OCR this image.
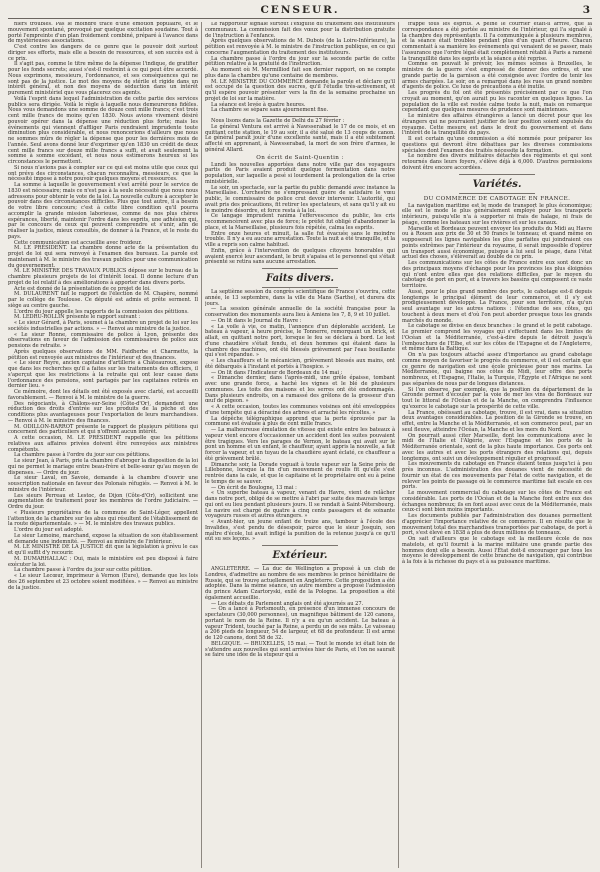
CENSEUR.	3

niers troubles. Pas le moindre trace d'une émotion populaire, et le mouvement spontané, provoqué par quelque excitation soudaine. Tout à porté l'empreinte d'un plan froidement combiné, préparé à l'avance dans de mystérieuses associations.

C'est contre les dangers de ce genre que le pouvoir doit surtout diriger ses efforts, mais elle a besoin de ressources, et son succès est à ce prix.

Il s'agit pas, comme le titre même de la dépense l'indique, de gratifier pour les fonds secrets; aussi s'est-il restreint à ce qui peut être accordé. Nous exprimons, messieurs, l'ordonnance, et ses conséquences qui ne sont pas de la justice. Le mot des moyens de stérile et rigide dans un intérêt général, et non des moyens de séduction dans un intérêt purement ministériel que vous placerez ces agents.

Voilà l'esprit dans lequel l'administration de cette partie des services publics sera dirigée. Voilà le règle à laquelle nous demeurerons fidèles. Nous vous demandons une somme de douze cent mille francs; c'est trois cent mille francs de moins qu'en 1830. Nous avions vivement désiré pouvoir opérer dans la dépense une réduction plus forte; mais les événements qui viennent d'affliger Paris rendraient imprudente toute diminution plus considérable, et nous renoncerions d'ailleurs que nous ne sommes mûrs de régler la dépense que pour les dernières mois de l'année. Seul avons donné leur d'exprimer qu'en 1830 un crédit de deux cent mille francs sur douze mille francs a suffi, et avait seulement la somme à somme excédant, et nous nous estimerons heureux si les circonstances le permettent.

Si nous n'avions pas à compter sur ce qui est moins utile que ceux qui ont prévu des circonstances, chacun reconnaîtra, messieurs, ce que la nécessité impose à notre pouvoir quelques moyens et ressources.

La somme à laquelle le gouvernement s'est arrêté pour le service de 1830 est nécessaire; mais ce n'est pas à la seule nécessité que nous nous adressons pour obtenir le vote de la loi. La nouvelle culture à accepter le pouvoir dans des circonstances difficiles. Plus que tout autre, il a besoin de votre libre concours; c'est à cette libre condition qu'il pourra accomplir la grande mission laborieuse, comme de nos plus chères espérances, liberté, maintenir l'ordre dans les esprits, une adhésion qui, par le concours de ceux qui peuvent comprendre et s'unir, afin de réaliser la justice, mieux consultés, de donner à la France, et le reste du pays.

Cette communication est accueillie avec froideur.

M. LE PRÉSIDENT. La chambre donne acte de la présentation du projet de loi qui sera renvoyé à l'examen des bureaux. La parole est maintenant à M. le ministre des travaux publics pour une communication du gouvernement.

M. LE MINISTRE DES TRAVAUX PUBLICS dépose sur le bureau de la chambre plusieurs projets de loi d'intérêt local. Il donne lecture d'un projet de loi relatif à des améliorations à apporter dans divers ports.

Acte est donné de la présentation de ce projet de loi.

M. DULAURENT fait le rapport de l'élection de M. Chapère, nommé par le collège de Toulouse. Ce député est admis et prête serment. Il siège au centre gauche.

L'ordre du jour appelle les rapports de la commission des pétitions.

M. LEDRU-ROLLIN présente le rapport suivant :

« Le sieur Gérard, à Paris, soumet à la chambre un projet de loi sur les sociétés industrielles par actions. » — Renvoi au ministre de la justice.

« Le sieur Ronne, commissaire de police à Lyon, présente des observations en faveur de l'admission des commissaires de police aux pensions de retraite. »

Après quelques observations de MM. Faidherbe et Charmette, la pétition est renvoyée aux ministres de l'intérieur et des finances.

« Le sieur Reyre, ancien capitaine d'artillerie à Châteauroux, expose que dans les recherches qu'il a faites sur les traitements des officiers, il s'aperçut que les restrictions à la retraite qui ont leur cause dans l'ordonnance des pensions, sont partagés par les capitaines retirés en dernier lieu. »

Ce mémoire, dont les détails ont été exposés avec clarté, est accueilli favorablement. — Renvoi à M. le ministre de la guerre.

Des négociants, à Châlons-sur-Seine (Côte-d'Or), demandent une réduction des droits d'entrée sur les produits de la pêche et des conditions plus avantageuses pour l'exportation de leurs marchandises. — Renvoi à M. le ministre des finances.

M. ODILLON-BARROT présente le rapport de plusieurs pétitions qui concernent des particuliers et qui n'offrent aucun intérêt.

A cette occasion, M. LE PRÉSIDENT rappelle que les pétitions relatives aux affaires privées doivent être renvoyées aux ministres compétents.

La chambre passe à l'ordre du jour sur ces pétitions.

Le sieur Jean, à Paris, prie la chambre d'abroger la disposition de la loi qui ne permet le mariage entre beau-frère et belle-sœur qu'au moyen de dispenses. — Ordre du jour.

Le sieur Laval, en Savoie, demande à la chambre d'ouvrir une souscription nationale en faveur des Polonais réfugiés. — Renvoi à M. le ministre de l'intérieur.

Les sieurs Perreau et Lestoc, de Dijon (Côte-d'Or), sollicitent une augmentation de traitement pour les membres de l'ordre judiciaire. — Ordre du jour.

« Plusieurs propriétaires de la commune de Saint-Léger, appellent l'attention de la chambre sur les abus qui résultent de l'établissement de la route départementale. » — M. le ministre des travaux publics.

L'ordre du jour est adopté.

Le sieur Lemoine, marchand, expose la situation de son établissement et demande une indemnité. — Renvoi au ministre de l'intérieur.

M. LE MINISTRE DE LA JUSTICE dit que la législation à prévu le cas et qu'il suffit d'y recourir.

M. DUMARHALLAC : Oui, mais le ministère est peu disposé à faire exécuter la loi.

La chambre passe à l'ordre du jour sur cette pétition.

« Le sieur Lecœur, imprimeur à Vernon (Eure), demande que les lois des 26 septembre et 23 octobre soient modifiées. » — Renvoi au ministre de la justice.

Le rapporteur signale surtout l'exiguïté du traitement des instituteurs communaux. La commission fait des vœux pour la distribution gratuite de l'instruction à l'enfance.

Après quelques observations de M. Dubois (de la Loire-Inférieure), la pétition est renvoyée à M. le ministre de l'instruction publique, en ce qui concerne l'augmentation du traitement des instituteurs.

La chambre passe à l'ordre du jour sur la seconde partie de cette pétition relative à la gratuité de l'instruction.

Au moment où M. Mermilliod fait son dernier rapport, on ne compte plus dans la chambre qu'une centaine de membres.

M. LE MINISTRE DU COMMERCE demande la parole et déclare qu'il est occupé de la question des sucres, qu'il l'étudie très-activement, et qu'il espère pouvoir présenter vers la fin de la semaine prochaine un projet de loi sur la matière.

La séance est levée à quatre heures.

La chambre se sépare sans ajournement fixe.

Nous lisons dans la Gazette de Delhi du 27 février :

Le général Ventura est arrivé à Nawsserabad le 17 de ce mois, et en quittant cette station, le 19 au soir, il a été salué de 13 coups de canon. Le général paraît jouir d'une excellente santé, mais il a été subitement affecté en apprenant, à Nawsserabad, la mort de son frère d'armes, le général Allard.

On écrit de Saint-Quentin :

Lundi les nouvelles apportées dans notre ville par des voyageurs partis de Paris avaient produit quelque fermentation dans notre population, sur laquelle a pesé si lourdement la prolongation de la crise ministérielle.

Le soir, un spectacle, sur la partie du public demandé avec instance la Marseillaise. L'orchestre ne s'empressant guère de satisfaire le vœu public, le commissaire de police crut devoir intervenir. L'autorité, qui avait pris des précautions, fit retirer les spectateurs, et sans qu'il y ait eu le moindre désordre, et force resta à la loi.

Ce langage imprudent ranima l'effervescence du public, les cris recommencèrent avec plus de force; le préfet fut obligé d'abandonner la place, et la Marseillaise, plusieurs fois répétée, calma les esprits.

Entre onze heures et minuit, la salle fut évacuée sans le moindre trouble. Il n'y a eu aucune arrestation. Toute la nuit a été tranquille, et la ville a repris son calme habituel.

Enfin, grâce à l'intervention de quelques citoyens honorables qui avaient exercé leur ascendant, le bruit s'apaisa et le personnel qui s'était présenté se retira sans aucune arrestation.

Faits divers.

La septième session du congrès scientifique de France s'ouvrira, cette année, le 13 septembre, dans la ville du Mans (Sarthe), et durera dix jours.

— La session générale annuelle de la société française pour la conservation des monuments aura lieu à Amiens les 7, 8, 9 et 10 juillet.

— On lit dans le Journal du Havre :

« La voile à vie, ce matin, l'annonce d'un déplorable accident. Le bateau à vapeur, à heure précise, le Tonnerre, remorquant un brick, et allait, en quittant notre port, lorsque le feu se déclara à bord. Le lest d'une chaudière s'était fendu, et deux hommes qui étaient dans la chambre des machines, ont été blessés grièvement par l'eau bouillante qui s'est répandue. »

« Les chauffeurs et le mécanicien, grièvement blessés aux mains, ont été débarqués à l'instant et portés à l'hospice. »

— On lit dans l'Indicateur de Bordeaux du 14 mai :

« Dimanche dernier, dans l'après-midi, une grêle épaisse, tombant avec une grande force, a haché les vignes et le blé de plusieurs communes. Les toits des maisons et les serres ont été endommagés. Dans plusieurs endroits, on a ramassé des grêlons de la grosseur d'un œuf de pigeon. »

« A cette occasion, toutes les communes voisines ont été enveloppées d'une tempête qui a déraciné des arbres et arraché les récoltes. »

La dépêche télégraphique apprend que la perte éprouvée par la commune est évaluée à plus de cent mille francs.

— La malheureuse émulation de vitesse qui existe entre les bateaux à vapeur vient encore d'occasionner un accident dont les suites pouvaient être tragiques. Vers les parages de Vernon, le bateau qui avait sur le pont un homme et un enfant, le chauffeur, ayant appris la nouvelle, a fait forcer la vapeur, et un tuyau de la chaudière ayant éclaté, ce chauffeur a été grièvement brûlé.

Dimanche soir, la Dorade voguait à toute vapeur sur la Seine près de Lillebonne, lorsque la fin d'un mouvement de roulis fit qu'elle s'est rentrée dans la cale, et que le capitaine et le propriétaire ont eu à peine le temps de se sauver.

— On écrit de Boulogne, 13 mai :

« Un superbe bateau à vapeur, venant du Havre, vient de relâcher dans notre port, obligé de se mettre à l'abri par suite des mauvais temps qui ont eu lieu pendant plusieurs jours. Il se rendait à Saint-Pétersbourg. Le navire est chargé de quatre à cinq cents passagers et de soixante voyageurs russes et autres étrangers. »

« Avant-hier, un jeune enfant de treize ans, tambour à l'école des Invalides, s'est pendu de désespoir, parce que le sieur Josquin, son maître d'école, lui avait infligé la punition de la retenue jusqu'à ce qu'il eût su ses leçons. »

Extérieur.

ANGLETERRE. — La duc de Wellington a proposé à un club de Londres, d'admettre au nombre de ses membres le prince héréditaire de Russie, qui se trouve actuellement en Angleterre. Cette proposition a été adoptée. Dans la même séance, un autre membre a proposé l'admission du prince Adam Czartoryski, exilé de la Pologne. La proposition a été également accueillie.

— Les débats du Parlement anglais ont été ajournés au 27.

— On a lancé à Portsmouth, en présence d'un immense concours de spectateurs (30,000 personnes), un magnifique bâtiment de 120 canons, portant le nom de la Reine. Il n'y a eu qu'un accident. Le bateau à vapeur Trident, touché par la Reine, a perdu un de ses mâts. Le vaisseau a 206 pieds de longueur, 54 de largeur, et 68 de profondeur. Il est armé de 120 canons, dont 58 de 32.

BELGIQUE. — BRUXELLES, 15 mai. — Tout le monde ici était loin de s'attendre aux nouvelles qui sont arrivées hier de Paris, et l'on ne saurait se faire une idée de la stupeur qui a

frappé tous les esprits. A peine le courrier était-il arrivé, que la correspondance a été portée au ministre de l'intérieur, qui l'a signalé à la chambre des représentants. Il l'a communiquée à plusieurs membres, et la séance était troublée pendant plus d'un quart d'heure. Chacun commentait à sa manière les événements qui venaient de se passer, mais l'assurance que l'ordre légal était complètement rétabli à Paris a ramené la tranquillité dans les esprits et la séance a été reprise.

Comme on pouvait le prévoir, les mêmes scènes à Bruxelles, le ministre de la guerre s'est empressé de donner des ordres, et une grande partie de la garnison a été consignée avec l'ordre de tenir les armes chargées. Le soir, on a remarqué dans les rues un grand nombre d'agents de police. Ce luxe de précautions a été inutile.

Les progrès du fol ont été présentés précisément par ce que l'on croyait au moment, qu'on aurait pu les raconter en quelques lignes. La population de la ville est restée calme toute la nuit, mais on remarque cependant que quelques mesures de prudence sont maintenues.

Le ministre des affaires étrangères a lancé un décret pour que les étrangers qui ne pourraient justifier de leur position soient expulsés du royaume. Cette mesure est dans le droit du gouvernement et dans l'intérêt de la tranquillité du pays.

Il est certain qu'une commission a été nommée pour préparer les questions qui devront être débattues par les diverses commissions spéciales dont l'examen des traités nécessite la formation.

Le nombre des divers militaires détachés des régiments et qui sont retournés dans leurs foyers, s'élève déjà à 6,000. D'autres permissions doivent être encore accordées.

Variétés.
DU COMMERCE DE CABOTAGE EN FRANCE.

La navigation maritime est le mode de transport le plus économique; elle est le mode le plus généralement employé pour les transports intérieurs, puisqu'elle n'a à supporter ni frais de halage, ni frais de péage, comme les bateaux sur les rivières et sur les canaux.

Marseille et Bordeaux peuvent envoyer les produits du Midi au Havre ou à Rouen aux prix de 30 et 50 francs le tonneau; et quand même on supposerait les lignes navigables les plus parfaites qui joindraient ces points extrêmes par l'intérieur du royaume, il serait impossible d'opérer un transport aussi économique, puisque à lui seul le péage, dans l'état actuel des choses, s'élèverait au double de ce prix.

Les communications sur les côtes de France entre eux sont donc un des principaux moyens d'échange pour les provinces les plus éloignées qui n'ont entre elles que des relations difficiles, par le moyen du cabotage de port en port, et à travers les bassins qui composent ce vaste territoire.

Aussi, pour le plus grand nombre des ports, le cabotage est-il depuis longtemps le principal élément de leur commerce, et il s'y est prodigieusement développé. La France, pour son territoire, n'a qu'un seul avantage sur les autres nations : l'étendue de ses côtes, qui touchent à deux mers et d'où l'on peut aborder presque tous les grands marchés du monde.

Le cabotage se divise en deux branches : le grand et le petit cabotage. Le premier comprend les voyages qui s'effectuent dans les limites de l'Océan et la Méditerranée, c'est-à-dire depuis le détroit jusqu'à l'embouchure de l'Elbe, et sur les côtes de l'Espagne et de l'Angleterre, et même dans la Baltique.

On n'a pas toujours attaché assez d'importance au grand cabotage comme moyen de favoriser le progrès du commerce, et il est certain que ce genre de navigation est une école précieuse pour nos marins. La Méditerranée, qui baigne nos côtes du Midi, leur offre des ports nombreux, et l'Espagne, l'Italie, la Turquie, l'Égypte et l'Afrique ne sont pas séparées de nous par de longues distances.

Si l'on observe, par exemple, que la position du département de la Gironde permet d'écouler par la voie de mer les vins de Bordeaux sur tout le littoral de l'Océan et de la Manche, on comprendra l'influence qu'exerce le cabotage sur la prospérité de cette ville.

La France, obéissant au cabotage, trouve, il est vrai, dans sa situation deux avantages considérables. La position de la Gironde se trouve, en effet, entre la Manche et la Méditerranée, et son commerce peut, par un seul fleuve, atteindre l'Océan, la Manche et les mers du Nord.

On pourrait aussi citer Marseille, dont les communications avec le midi de l'Italie et l'Algérie, avec l'Espagne et les ports de la Méditerranée orientale, sont de la plus haute importance. Ces ports ont avec les autres et avec les ports étrangers des relations qui, depuis longtemps, ont suivi un développement régulier et progressif.

Les mouvements du cabotage en France étaient tenus jusqu'ici à peu près inconnus. L'administration des douanes vient de nécessité de fournir un état de ces mouvements par l'état de cette navigation, et de relever les points de passage où le commerce maritime fait escale en ces ports.

Le mouvement commercial du cabotage sur les côtes de France est considérable. Les ports de l'Océan et de la Manche font entre eux des échanges nombreux; ils en font aussi avec ceux de la Méditerranée, mais ceux-ci sont bien moins importants.

Les documents publiés par l'administration des douanes permettent d'apprécier l'importance relative de ce commerce. Il en résulte que le mouvement total des marchandises transportées par cabotage, de port à port, s'est élevé en 1838 à plus de deux millions de tonneaux.

On sait d'ailleurs que le cabotage est la meilleure école de nos matelots, et qu'il fournit à la marine militaire une grande partie des hommes dont elle a besoin. Aussi l'État doit-il encourager par tous les moyens le développement de cette branche de navigation, qui contribue à la fois à la richesse du pays et à sa puissance maritime.
